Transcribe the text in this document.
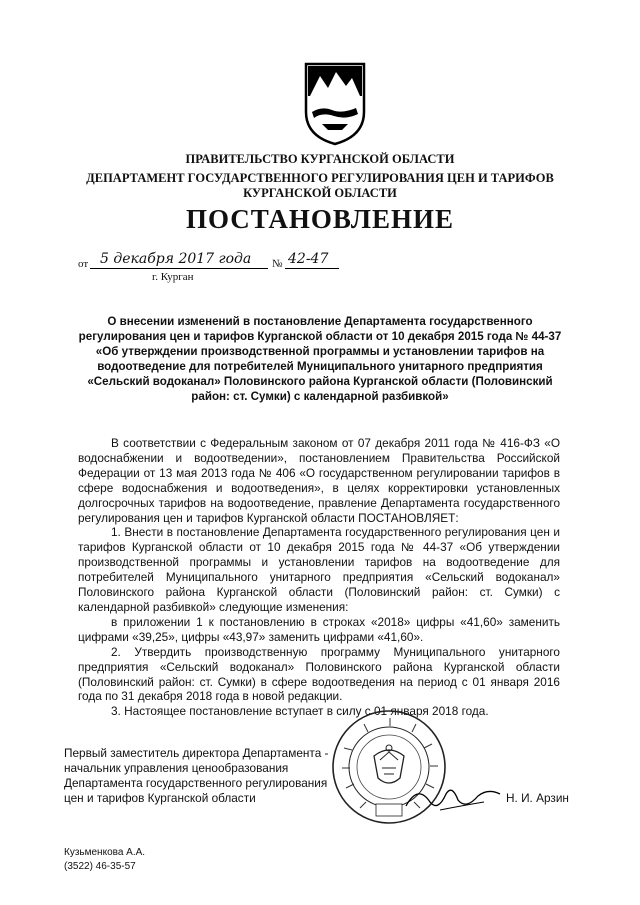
ПРАВИТЕЛЬСТВО КУРГАНСКОЙ ОБЛАСТИ
ДЕПАРТАМЕНТ ГОСУДАРСТВЕННОГО РЕГУЛИРОВАНИЯ ЦЕН И ТАРИФОВ
КУРГАНСКОЙ ОБЛАСТИ
ПОСТАНОВЛЕНИЕ
от 5 декабря 2017 года № 42-47
г. Курган
О внесении изменений в постановление Департамента государственного регулирования цен и тарифов Курганской области от 10 декабря 2015 года № 44-37 «Об утверждении производственной программы и установлении тарифов на водоотведение для потребителей Муниципального унитарного предприятия «Сельский водоканал» Половинского района Курганской области (Половинский район: ст. Сумки) с календарной разбивкой»

В соответствии с Федеральным законом от 07 декабря 2011 года № 416-ФЗ «О водоснабжении и водоотведении», постановлением Правительства Российской Федерации от 13 мая 2013 года № 406 «О государственном регулировании тарифов в сфере водоснабжения и водоотведения», в целях корректировки установленных долгосрочных тарифов на водоотведение, правление Департамента государственного регулирования цен и тарифов Курганской области ПОСТАНОВЛЯЕТ:

1. Внести в постановление Департамента государственного регулирования цен и тарифов Курганской области от 10 декабря 2015 года № 44-37 «Об утверждении производственной программы и установлении тарифов на водоотведение для потребителей Муниципального унитарного предприятия «Сельский водоканал» Половинского района Курганской области (Половинский район: ст. Сумки) с календарной разбивкой» следующие изменения:

в приложении 1 к постановлению в строках «2018» цифры «41,60» заменить цифрами «39,25», цифры «43,97» заменить цифрами «41,60».

2. Утвердить производственную программу Муниципального унитарного предприятия «Сельский водоканал» Половинского района Курганской области (Половинский район: ст. Сумки) в сфере водоотведения на период с 01 января 2016 года по 31 декабря 2018 года в новой редакции.

3. Настоящее постановление вступает в силу с 01 января 2018 года.

Первый заместитель директора Департамента -
начальник управления ценообразования
Департамента государственного регулирования
цен и тарифов Курганской области	Н. И. Арзин
Кузьменкова А.А.
(3522) 46-35-57
